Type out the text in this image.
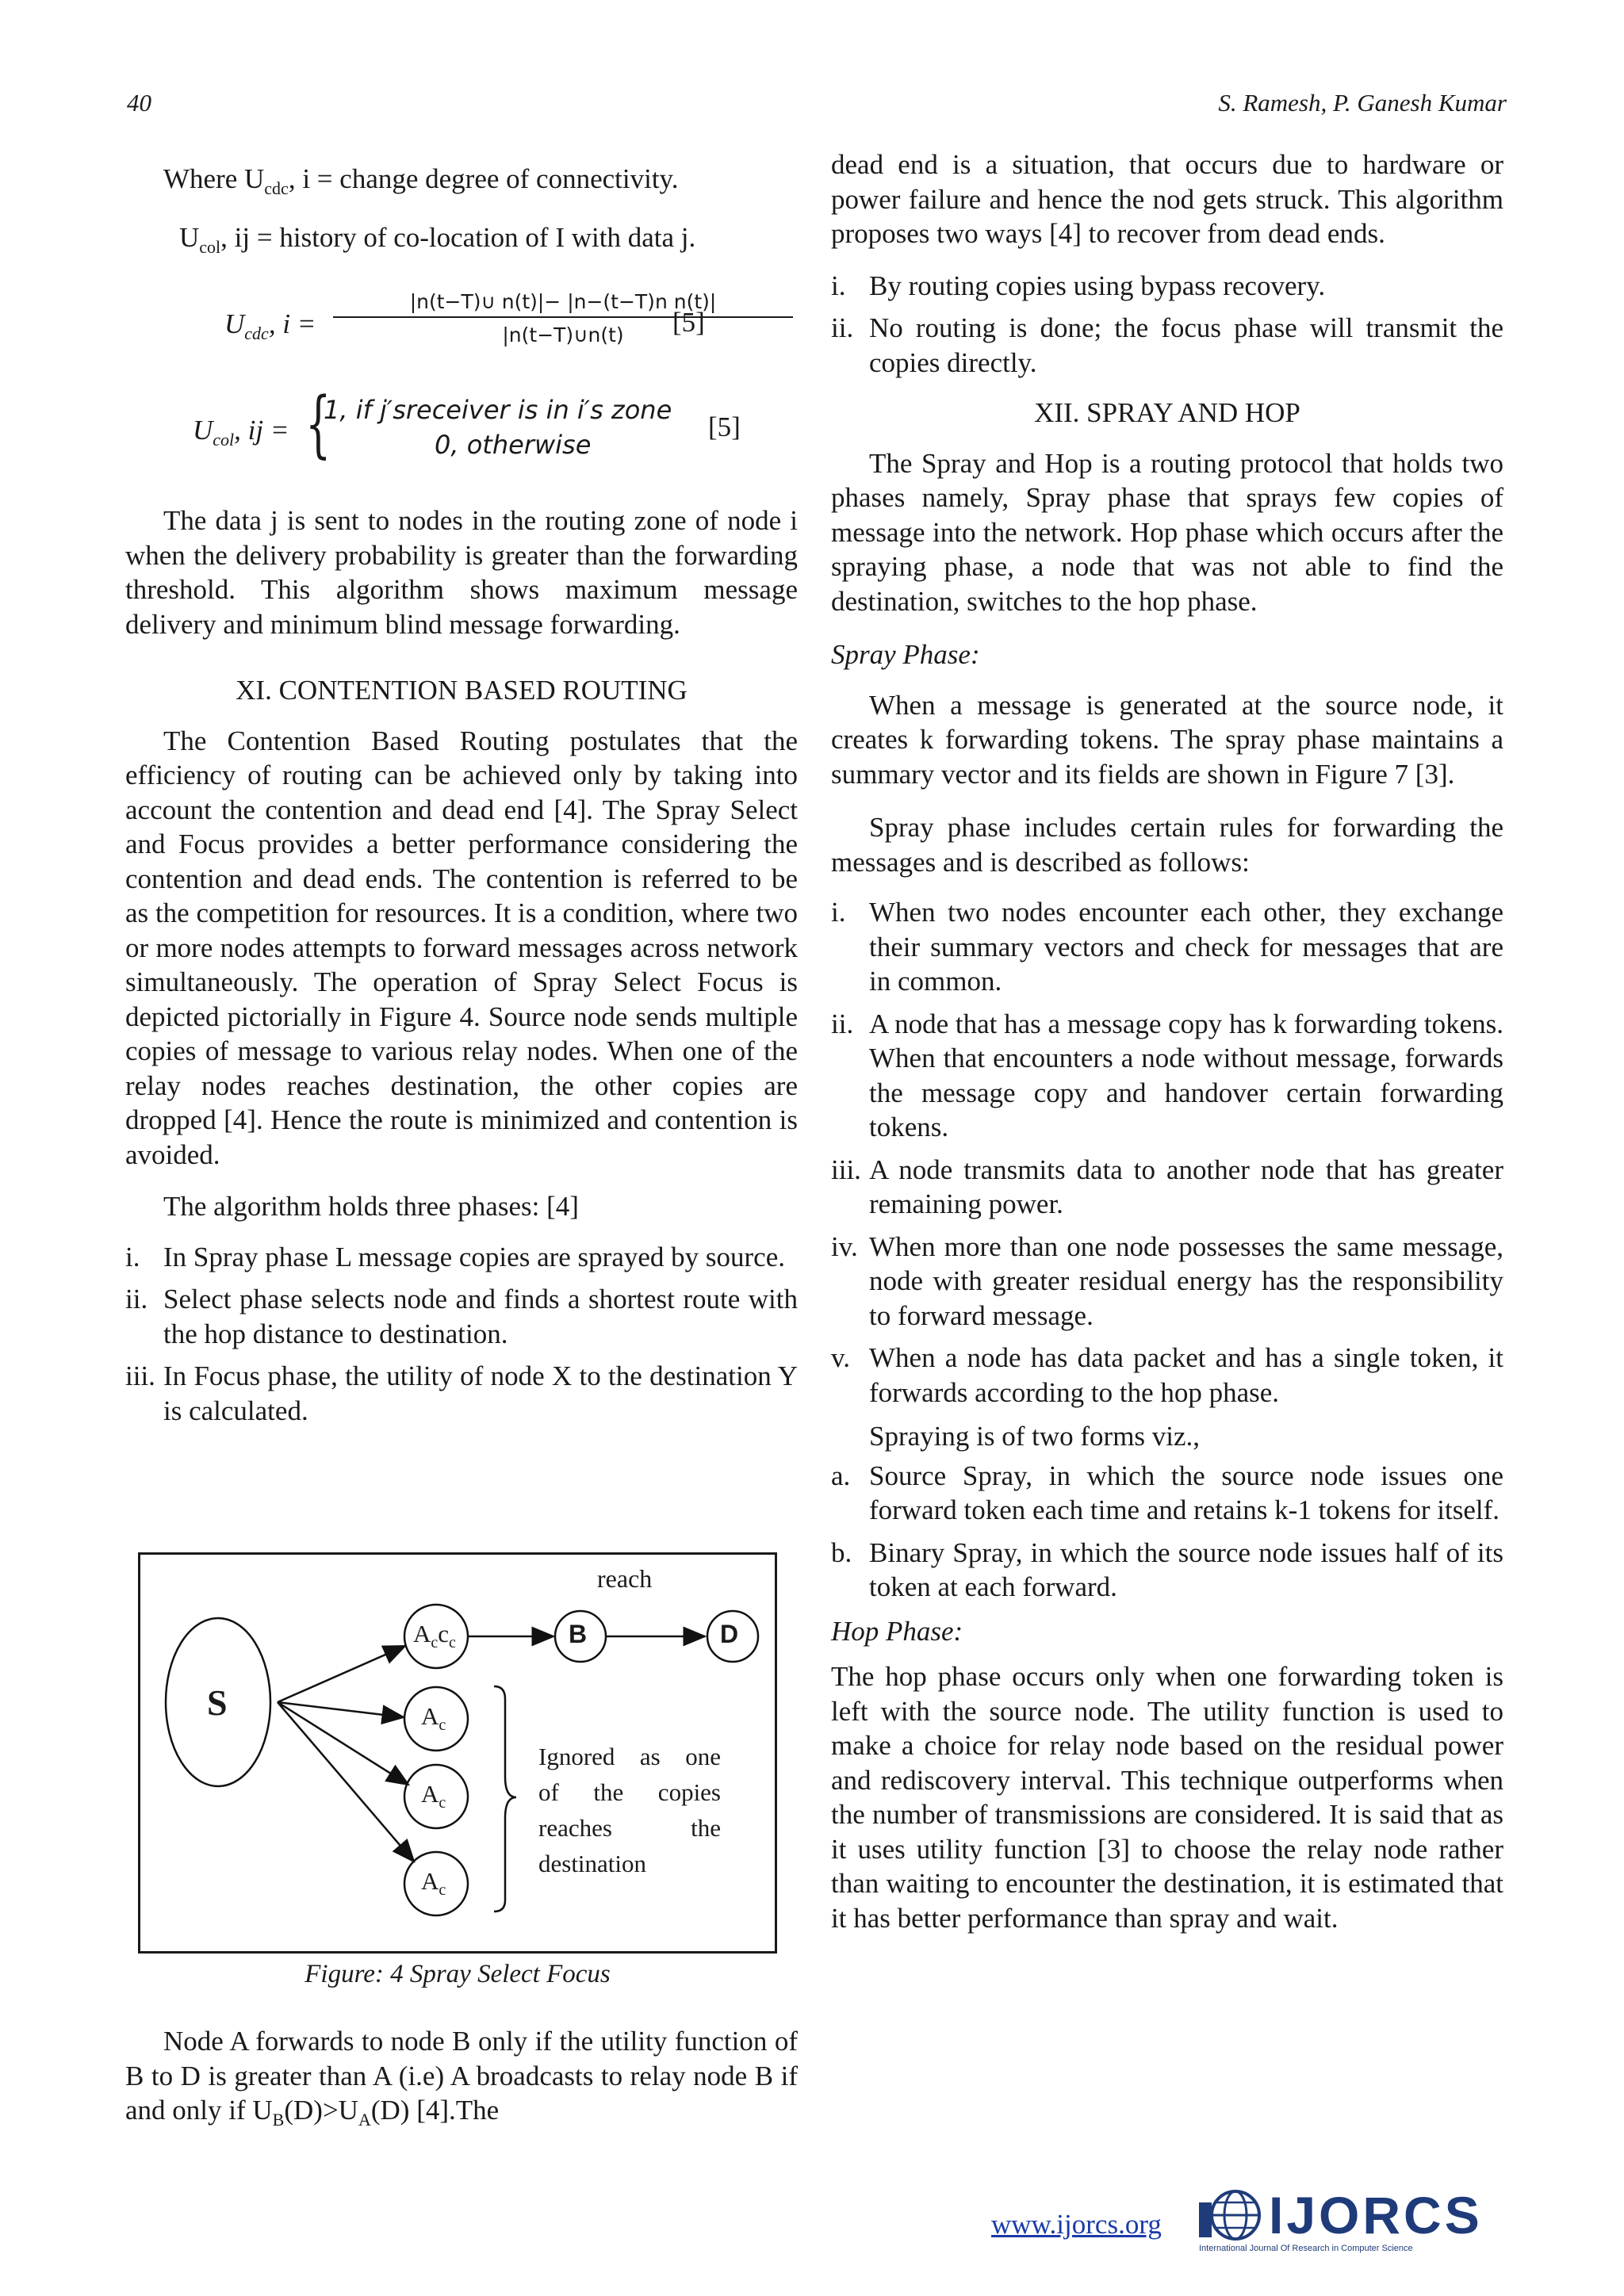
40	S. Ramesh, P. Ganesh Kumar

Where $U_{cdc}$, i = change degree of connectivity.

$U_{col}$, ij = history of co-location of I with data j.
$U_{cdc}$, i =
|n(t−T)∪ n(t)|− |n−(t−T)n n(t)|
|n(t−T)∪n(t)	[5]
$U_{col}$, ij = {
1, if j′sreceiver is in i′s zone
0, otherwise
[5]

The data j is sent to nodes in the routing zone of node i when the delivery probability is greater than the forwarding threshold. This algorithm shows maximum message delivery and minimum blind message forwarding.

XI. CONTENTION BASED ROUTING

The Contention Based Routing postulates that the efficiency of routing can be achieved only by taking into account the contention and dead end [4]. The Spray Select and Focus provides a better performance considering the contention and dead ends. The contention is referred to be as the competition for resources. It is a condition, where two or more nodes attempts to forward messages across network simultaneously. The operation of Spray Select Focus is depicted pictorially in Figure 4. Source node sends multiple copies of message to various relay nodes. When one of the relay nodes reaches destination, the other copies are dropped [4]. Hence the route is minimized and contention is avoided.

The algorithm holds three phases: [4]

i. In Spray phase L message copies are sprayed by source.
ii. Select phase selects node and finds a shortest route with the hop distance to destination.
iii. In Focus phase, the utility of node X to the destination Y is calculated.
reach
S
$A_cc_c$	B	D
$A_c$
$A_c$
$A_c$
Ignored as one
of the copies
reaches the
destination
Figure: 4 Spray Select Focus

Node A forwards to node B only if the utility function of B to D is greater than A (i.e) A broadcasts to relay node B if and only if $U_B(D)>U_A(D)$ [4].The

dead end is a situation, that occurs due to hardware or power failure and hence the nod gets struck. This algorithm proposes two ways [4] to recover from dead ends.

i. By routing copies using bypass recovery.
ii. No routing is done; the focus phase will transmit the copies directly.

XII. SPRAY AND HOP

The Spray and Hop is a routing protocol that holds two phases namely, Spray phase that sprays few copies of message into the network. Hop phase which occurs after the spraying phase, a node that was not able to find the destination, switches to the hop phase.

Spray Phase:

When a message is generated at the source node, it creates k forwarding tokens. The spray phase maintains a summary vector and its fields are shown in Figure 7 [3].

Spray phase includes certain rules for forwarding the messages and is described as follows:

i. When two nodes encounter each other, they exchange their summary vectors and check for messages that are in common.
ii. A node that has a message copy has k forwarding tokens. When that encounters a node without message, forwards the message copy and handover certain forwarding tokens.
iii. A node transmits data to another node that has greater remaining power.
iv. When more than one node possesses the same message, node with greater residual energy has the responsibility to forward message.
v. When a node has data packet and has a single token, it forwards according to the hop phase.

Spraying is of two forms viz.,

a. Source Spray, in which the source node issues one forward token each time and retains k-1 tokens for itself.
b. Binary Spray, in which the source node issues half of its token at each forward.

Hop Phase:

The hop phase occurs only when one forwarding token is left with the source node. The utility function is used to make a choice for relay node based on the residual power and rediscovery interval. This technique outperforms when the number of transmissions are considered. It is said that as it uses utility function [3] to choose the relay node rather than waiting to encounter the destination, it is estimated that it has better performance than spray and wait.

www.ijorcs.org IJORCS
International Journal Of Research in Computer Science
